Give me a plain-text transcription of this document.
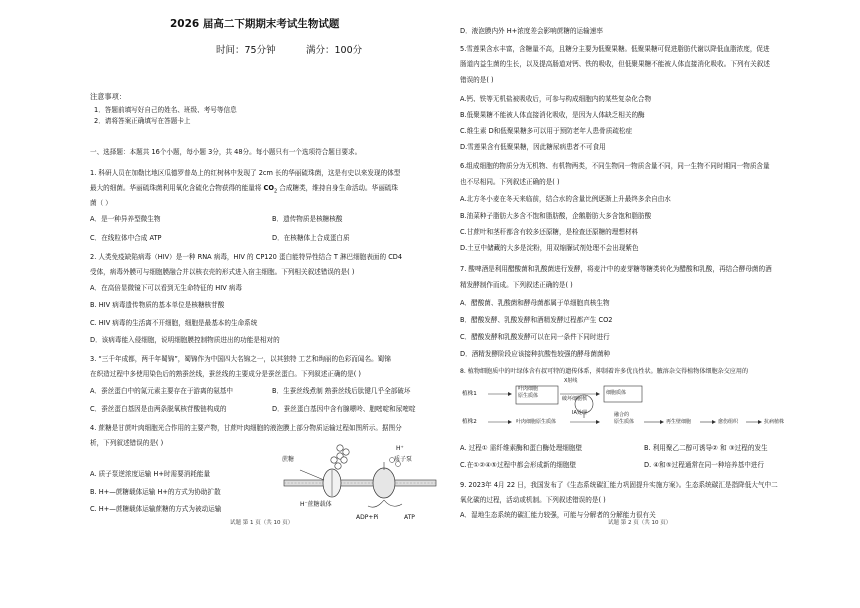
2026 届高二下期期末考试生物试题
时间：75分钟	满分：100分
注意事项：
1．答题前填写好自己的姓名、班级、考号等信息
2．请将答案正确填写在答题卡上
一、选择题：本题共 16个小题，每小题 3分，共 48分。每小题只有一个选项符合题目要求。
1. 科研人员在加勒比地区瓜德罗普岛上的红树林中发现了 2cm 长的华丽硫珠菌，这是有史以来发现的体型
最大的细菌。华丽硫珠菌利用氧化含硫化合物获得的能量将 $CO_2$ 合成糖类，维持自身生命活动。华丽硫珠
菌（ ）
A．是一种异养型微生物	B．遗传物质是核糖核酸
C．在线粒体中合成 ATP	D．在核糖体上合成蛋白质
2. 人类免疫缺陷病毒（HIV）是一种 RNA 病毒，HIV 的 CP120 蛋白能特异性结合 T 淋巴细胞表面的 CD4
受体，病毒外膜可与细胞膜融合并以核衣壳的形式进入宿主细胞。下列相关叙述错误的是( )
A．在高倍显微镜下可以看到无生命特征的 HIV 病毒
B. HIV 病毒遗传物质的基本单位是核糖核苷酸
C. HIV 病毒的生活离不开细胞，细胞是最基本的生命系统
D．该病毒能入侵细胞，说明细胞膜控制物质进出的功能是相对的
3. “三千年成都，两千年蜀锦”，蜀锦作为中国四大名锦之一，以其独特 工艺和绚丽的色彩而闻名。蜀锦
在织造过程中多使用染色后的熟蚕丝线，蚕丝线的主要成分是蚕丝蛋白。下列叙述正确的是( )
A．蚕丝蛋白中的氮元素主要存在于游离的氨基中	B．生蚕丝线煮制 熟蚕丝线后肽键几乎全部破坏
C．蚕丝蛋白基因是由两条脱氧核苷酸链构成的	D．蚕丝蛋白基因中含有腺嘌呤、胞嘧啶和尿嘧啶
4. 蔗糖是甘蔗叶肉细胞光合作用的主要产物，甘蔗叶肉细胞的液泡膜上部分物质运输过程如图所示。据图分
析，下列叙述错误的是( )
蔗糖	质子泵
H⁺
H⁻蔗糖载体
ADP+Pi	ATP
A. 质子泵逆浓度运输 H+时需要消耗能量
B. H+—蔗糖载体运输 H+的方式为协助扩散
C. H+—蔗糖载体运输蔗糖的方式为被动运输
试题 第 1 页（共 10 页）
D．液泡膜内外 H+浓度差会影响蔗糖的运输速率
5.雪莲果含水丰富，含糖量不高，且糖分主要为低聚果糖。低聚果糖可促进脂肪代谢以降低血脂浓度，促进
肠道内益生菌的生长，以及提高肠道对钙、铁的吸收，但低聚果糖不能被人体直接消化吸收。下列有关叙述
错误的是( )
A.钙、铁等无机盐被吸收后，可参与构成细胞内的某些复杂化合物
B.低聚果糖不能被人体直接消化吸收，是因为人体缺乏相关的酶
C.维生素 D和低聚果糖多可以用于预防老年人患骨质疏松症
D.雪莲果含有低聚果糖，因此糖尿病患者不可食用
6.组成细胞的物质分为无机物、有机物两类，不同生物同一物质含量不同，同一生物不同时期同一物质含量
也不尽相同。下列叙述正确的是( )
A.北方冬小麦在冬天来临前，结合水的含量比例逐渐上升最终多余自由水
B.油菜种子脂肪大多含不饱和脂肪酸，企鹅脂肪大多含饱和脂肪酸
C.甘蔗叶和茎秆都含有较多还原糖，是检查还原糖的理想材料
D.土豆中储藏的大多是淀粉，用双缩脲试剂处理不会出现紫色
7. 酸啤酒是利用醋酸菌和乳酸菌进行发酵，将麦汁中的麦芽糖等糖类转化为醋酸和乳酸，再结合酵母菌的酒
精发酵制作而成。下列叙述正确的是( )
A．醋酸菌、乳酸菌和酵母菌都属于单细胞真核生物
B．醋酸发酵、乳酸发酵和酒精发酵过程都产生 CO2
C．醋酸发酵和乳酸发酵可以在同一条件下同时进行
D．酒精发酵阶段应该接种抗酸性较强的酵母菌菌种
8. 植物细胞质中的叶绿体含有叔可特的遗传体系，抑制着许多优良性状。腋溶杂交得植物体细胞杂交应用的
植株1
植株2
叶肉细胞
原生质体
X射线
破坏细胞核
细胞质体
叶肉细胞原生质体
IA处理	融合的
原生质体	再生壁细胞	愈伤组织	抗病植株
A. 过程① 需纤维素酶和蛋白酶处理细胞壁	B. 利用聚乙二醇可诱导② 和 ③过程的发生
C.在①②④⑤过程中都会形成新的细胞壁	D. ④和⑤过程通常在同一种培养基中进行
9. 2023年 4月 22 日，我国发布了《生态系统碳汇能力巩固提升实施方案》。生态系统碳汇是指降低大气中二
氧化碳的过程，活动或机制。下列叙述错误的是( )
A．湿地生态系统的碳汇能力较强，可能与分解者的分解能力很有关
试题 第 2 页（共 10 页）
